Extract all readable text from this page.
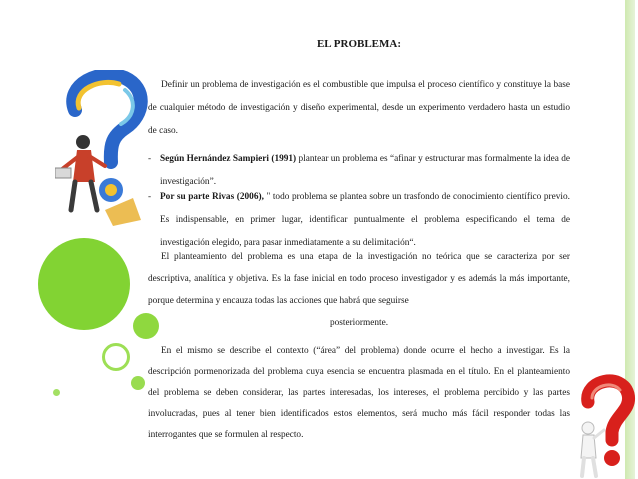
EL PROBLEMA:
Definir un problema de investigación es el combustible que impulsa el proceso científico y constituye la base de cualquier método de investigación y diseño experimental, desde un experimento verdadero hasta un estudio de caso.
- Según Hernández Sampieri (1991) plantear un problema es “afinar y estructurar mas formalmente la idea de investigación”.
- Por su parte Rivas (2006), " todo problema se plantea sobre un trasfondo de conocimiento científico previo. Es indispensable, en primer lugar, identificar puntualmente el problema especificando el tema de investigación elegido, para pasar inmediatamente a su delimitación“.
El planteamiento del problema es una etapa de la investigación no teórica que se caracteriza por ser descriptiva, analítica y objetiva. Es la fase inicial en todo proceso investigador y es además la más importante, porque determina y encauza todas las acciones que habrá que seguirse
posteriormente.
En el mismo se describe el contexto (“área” del problema) donde ocurre el hecho a investigar. Es la descripción pormenorizada del problema cuya esencia se encuentra plasmada en el título. En el planteamiento del problema se deben considerar, las partes interesadas, los intereses, el problema percibido y las partes involucradas, pues al tener bien identificados estos elementos, será mucho más fácil responder todas las interrogantes que se formulen al respecto.
